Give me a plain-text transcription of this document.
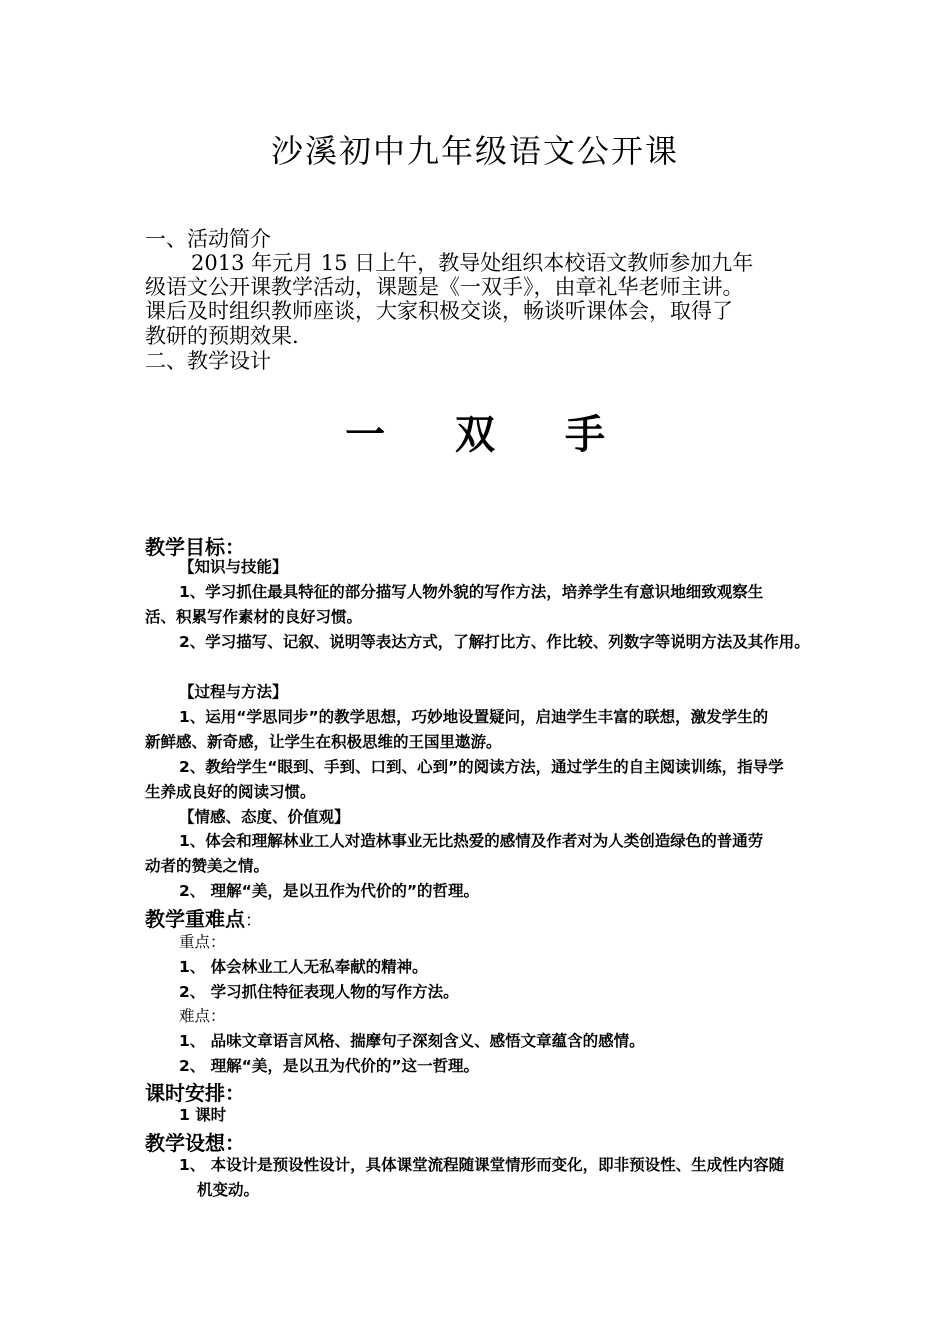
沙溪初中九年级语文公开课
一、活动简介
2013 年元月 15 日上午，教导处组织本校语文教师参加九年
级语文公开课教学活动，课题是《一双手》，由章礼华老师主讲。
课后及时组织教师座谈，大家积极交谈，畅谈听课体会，取得了
教研的预期效果.
二、教学设计
一 双 手
教学目标：
【知识与技能】
1、学习抓住最具特征的部分描写人物外貌的写作方法，培养学生有意识地细致观察生
活、积累写作素材的良好习惯。
2、学习描写、记叙、说明等表达方式，了解打比方、作比较、列数字等说明方法及其作用。
【过程与方法】
1、运用“学思同步”的教学思想，巧妙地设置疑问，启迪学生丰富的联想，激发学生的
新鲜感、新奇感，让学生在积极思维的王国里遨游。
2、教给学生“眼到、手到、口到、心到”的阅读方法，通过学生的自主阅读训练，指导学
生养成良好的阅读习惯。
【情感、态度、价值观】
1、体会和理解林业工人对造林事业无比热爱的感情及作者对为人类创造绿色的普通劳
动者的赞美之情。
2、 理解“美，是以丑作为代价的”的哲理。
教学重难点：
重点：
1、 体会林业工人无私奉献的精神。
2、 学习抓住特征表现人物的写作方法。
难点：
1、 品味文章语言风格、揣摩句子深刻含义、感悟文章蕴含的感情。
2、 理解“美，是以丑为代价的”这一哲理。
课时安排：
1 课时
教学设想：
1、 本设计是预设性设计，具体课堂流程随课堂情形而变化，即非预设性、生成性内容随
机变动。
